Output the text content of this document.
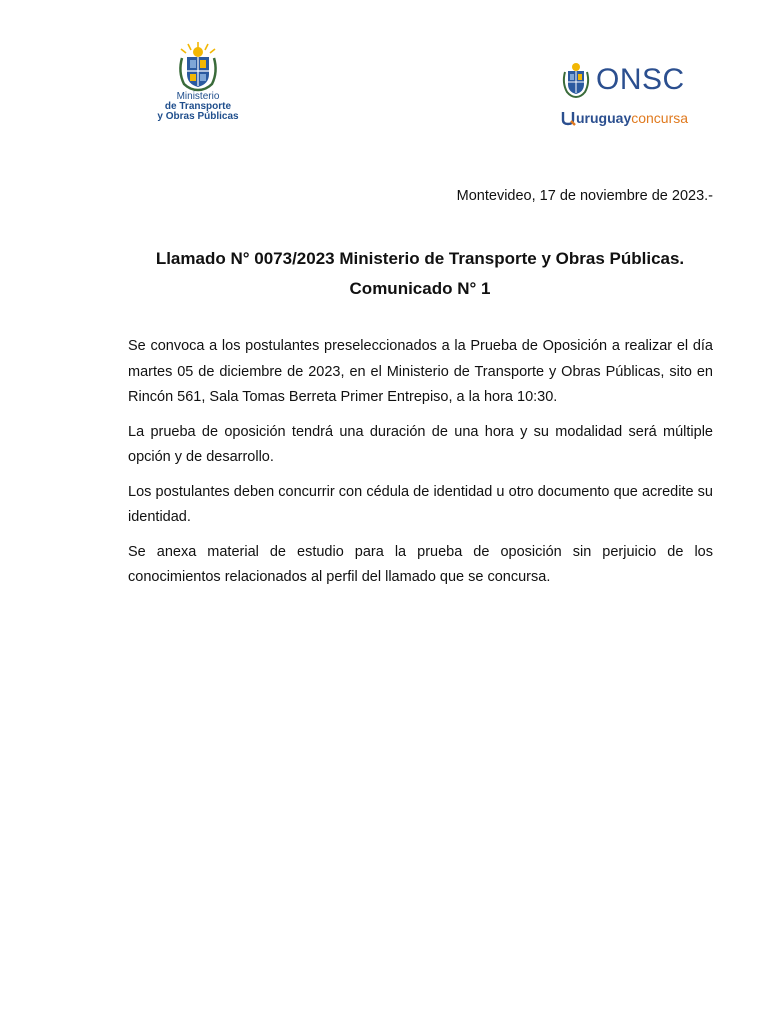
Ministerio
de Transporte
y Obras Públicas
ONSC
uruguay concursa
Montevideo, 17 de noviembre de 2023.-
Llamado N° 0073/2023 Ministerio de Transporte y Obras Públicas.
Comunicado N° 1

Se convoca a los postulantes preseleccionados a la Prueba de Oposición a realizar el día martes 05 de diciembre de 2023, en el Ministerio de Transporte y Obras Públicas, sito en Rincón 561, Sala Tomas Berreta Primer Entrepiso, a la hora 10:30.

La prueba de oposición tendrá una duración de una hora y su modalidad será múltiple opción y de desarrollo.

Los postulantes deben concurrir con cédula de identidad u otro documento que acredite su identidad.

Se anexa material de estudio para la prueba de oposición sin perjuicio de los conocimientos relacionados al perfil del llamado que se concursa.
